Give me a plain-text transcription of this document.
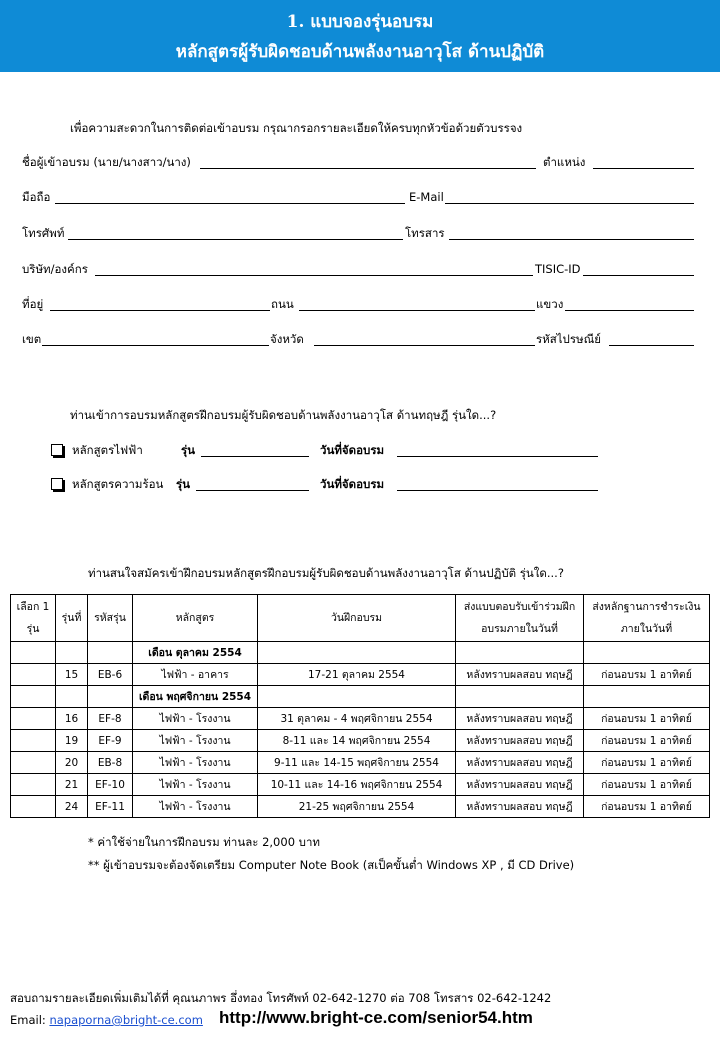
1. แบบจองรุ่นอบรม
หลักสูตรผู้รับผิดชอบด้านพลังงานอาวุโส ด้านปฏิบัติ
เพื่อความสะดวกในการติดต่อเข้าอบรม กรุณากรอกรายละเอียดให้ครบทุกหัวข้อด้วยตัวบรรจง
ชื่อผู้เข้าอบรม (นาย/นางสาว/นาง)	ตำแหน่ง
มือถือ	E-Mail
โทรศัพท์	โทรสาร
บริษัท/องค์กร	TISIC-ID
ที่อยู่	ถนน	แขวง
เขต	จังหวัด	รหัสไปรษณีย์
ท่านเข้าการอบรมหลักสูตรฝึกอบรมผู้รับผิดชอบด้านพลังงานอาวุโส ด้านทฤษฎี รุ่นใด...?
หลักสูตรไฟฟ้า	รุ่น	วันที่จัดอบรม
หลักสูตรความร้อน รุ่น	วันที่จัดอบรม
ท่านสนใจสมัครเข้าฝึกอบรมหลักสูตรฝึกอบรมผู้รับผิดชอบด้านพลังงานอาวุโส ด้านปฏิบัติ รุ่นใด...?
เลือก 1 รุ่น	รุ่นที่	รหัสรุ่น	หลักสูตร	วันฝึกอบรม	ส่งแบบตอบรับเข้าร่วมฝึกอบรมภายในวันที่	ส่งหลักฐานการชำระเงิน ภายในวันที่
			เดือน ตุลาคม 2554			
	15	EB-6	ไฟฟ้า - อาคาร	17-21 ตุลาคม 2554	หลังทราบผลสอบ ทฤษฎี	ก่อนอบรม 1 อาทิตย์
			เดือน พฤศจิกายน 2554			
	16	EF-8	ไฟฟ้า - โรงงาน	31 ตุลาคม - 4 พฤศจิกายน 2554	หลังทราบผลสอบ ทฤษฎี	ก่อนอบรม 1 อาทิตย์
	19	EF-9	ไฟฟ้า - โรงงาน	8-11 และ 14 พฤศจิกายน 2554	หลังทราบผลสอบ ทฤษฎี	ก่อนอบรม 1 อาทิตย์
	20	EB-8	ไฟฟ้า - โรงงาน	9-11 และ 14-15 พฤศจิกายน 2554	หลังทราบผลสอบ ทฤษฎี	ก่อนอบรม 1 อาทิตย์
	21	EF-10	ไฟฟ้า - โรงงาน	10-11 และ 14-16 พฤศจิกายน 2554	หลังทราบผลสอบ ทฤษฎี	ก่อนอบรม 1 อาทิตย์
	24	EF-11	ไฟฟ้า - โรงงาน	21-25 พฤศจิกายน 2554	หลังทราบผลสอบ ทฤษฎี	ก่อนอบรม 1 อาทิตย์
* ค่าใช้จ่ายในการฝึกอบรม ท่านละ 2,000 บาท
** ผู้เข้าอบรมจะต้องจัดเตรียม Computer Note Book (สเป็คขั้นต่ำ Windows XP , มี CD Drive)
สอบถามรายละเอียดเพิ่มเติมได้ที่ คุณนภาพร อึ่งทอง โทรศัพท์ 02-642-1270 ต่อ 708 โทรสาร 02-642-1242
Email: napaporna@bright-ce.com http://www.bright-ce.com/senior54.htm
